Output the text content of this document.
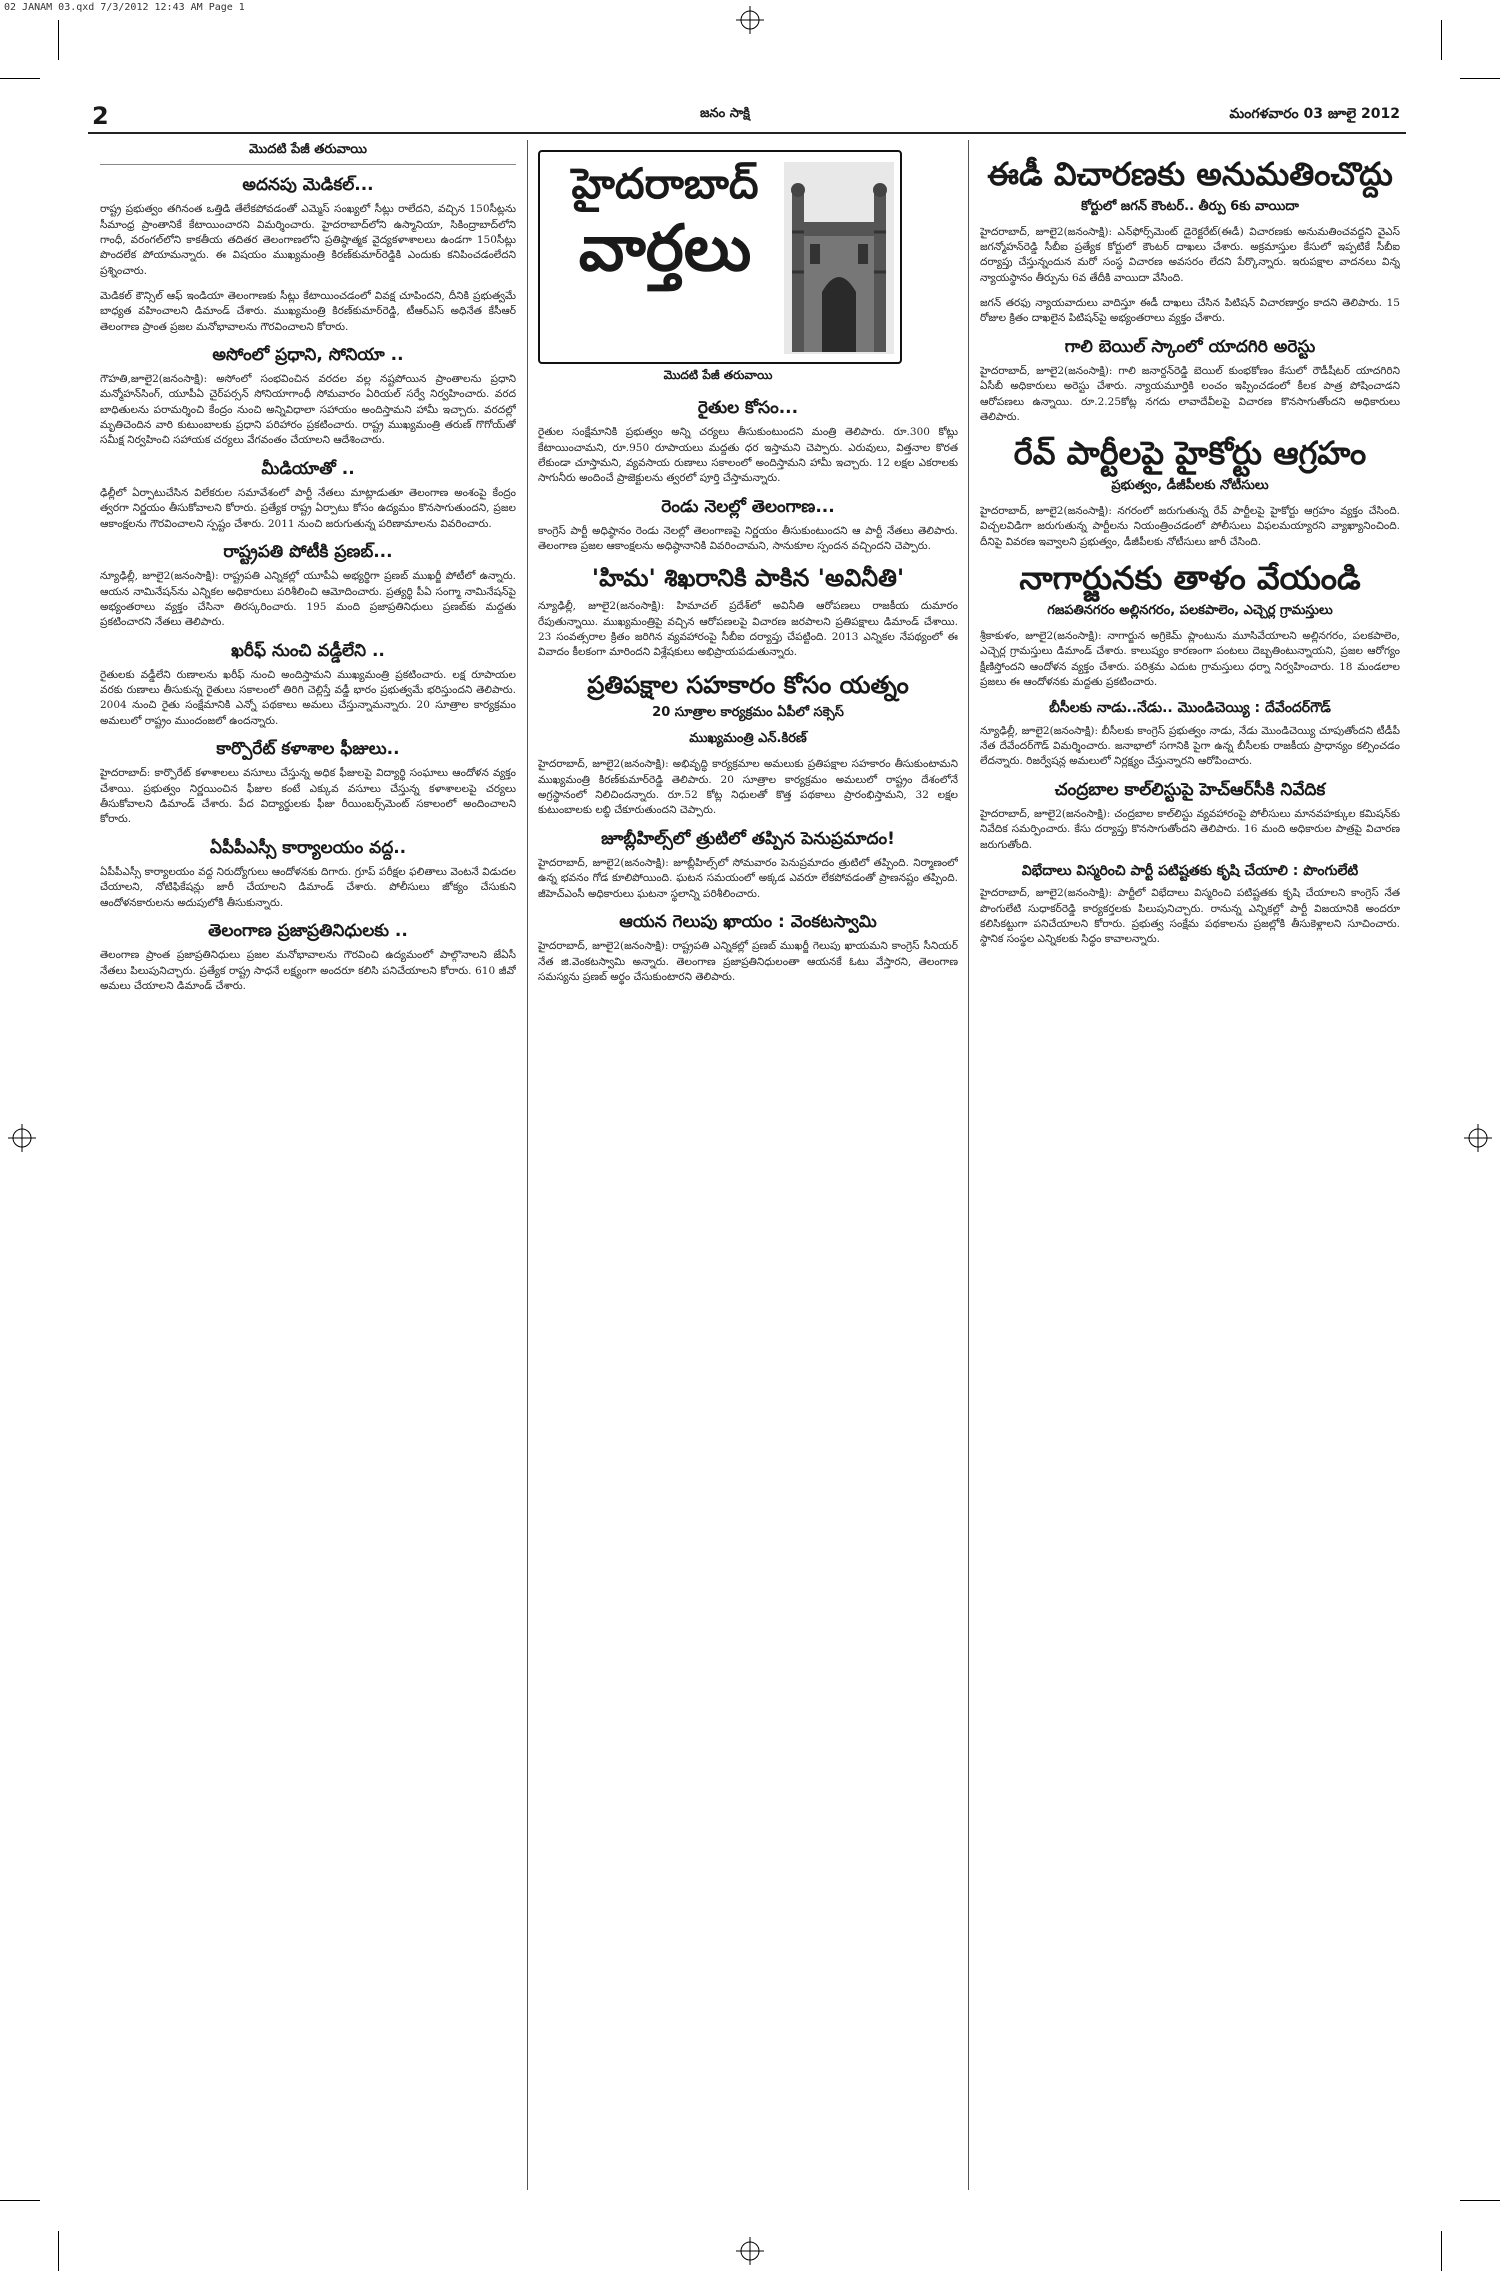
02 JANAM 03.qxd 7/3/2012 12:43 AM Page 1
2	జనం సాక్షి	మంగళవారం 03 జూలై 2012
మొదటి పేజీ తరువాయి
అదనపు మెడికల్...

రాష్ట్ర ప్రభుత్వం తగినంత ఒత్తిడి తేలేకపోవడంతో ఎమ్మెస్ సంఖ్యలో సీట్లు రాలేదని, వచ్చిన 150సీట్లను సీమాంధ్ర ప్రాంతానికే కేటాయించారని విమర్శించారు. హైదరాబాద్‌లోని ఉస్మానియా, సికింద్రాబాద్‌లోని గాంధీ, వరంగల్‌లోని కాకతీయ తదితర తెలంగాణలోని ప్రతిష్ఠాత్మక వైద్యకళాశాలలు ఉండగా 150సీట్లు పొందలేక పోయామన్నారు. ఈ విషయం ముఖ్యమంత్రి కిరణ్‌కుమార్‌రెడ్డికి ఎందుకు కనిపించడంలేదని ప్రశ్నించారు.

మెడికల్ కౌన్సిల్ ఆఫ్ ఇండియా తెలంగాణకు సీట్లు కేటాయించడంలో వివక్ష చూపిందని, దీనికి ప్రభుత్వమే బాధ్యత వహించాలని డిమాండ్ చేశారు. ముఖ్యమంత్రి కిరణ్‌కుమార్‌రెడ్డి, టీఆర్ఎస్ అధినేత కేసీఆర్ తెలంగాణ ప్రాంత ప్రజల మనోభావాలను గౌరవించాలని కోరారు.

అసోంలో ప్రధాని, సోనియా ..

గౌహతి,జూలై2(జనంసాక్షి): అసోంలో సంభవించిన వరదల వల్ల నష్టపోయిన ప్రాంతాలను ప్రధాని మన్మోహన్‌సింగ్, యూపీఏ చైర్‌పర్సన్ సోనియాగాంధీ సోమవారం ఏరియల్ సర్వే నిర్వహించారు. వరద బాధితులను పరామర్శించి కేంద్రం నుంచి అన్నివిధాలా సహాయం అందిస్తామని హామీ ఇచ్చారు. వరదల్లో మృతిచెందిన వారి కుటుంబాలకు ప్రధాని పరిహారం ప్రకటించారు. రాష్ట్ర ముఖ్యమంత్రి తరుణ్ గొగోయ్‌తో సమీక్ష నిర్వహించి సహాయక చర్యలు వేగవంతం చేయాలని ఆదేశించారు.

మీడియాతో ..

ఢిల్లీలో ఏర్పాటుచేసిన విలేకరుల సమావేశంలో పార్టీ నేతలు మాట్లాడుతూ తెలంగాణ అంశంపై కేంద్రం త్వరగా నిర్ణయం తీసుకోవాలని కోరారు. ప్రత్యేక రాష్ట్ర ఏర్పాటు కోసం ఉద్యమం కొనసాగుతుందని, ప్రజల ఆకాంక్షలను గౌరవించాలని స్పష్టం చేశారు. 2011 నుంచి జరుగుతున్న పరిణామాలను వివరించారు.

రాష్ట్రపతి పోటీకి ప్రణబ్...

న్యూఢిల్లీ, జూలై2(జనంసాక్షి): రాష్ట్రపతి ఎన్నికల్లో యూపీఏ అభ్యర్థిగా ప్రణబ్ ముఖర్జీ పోటీలో ఉన్నారు. ఆయన నామినేషన్‌ను ఎన్నికల అధికారులు పరిశీలించి ఆమోదించారు. ప్రత్యర్థి పీఏ సంగ్మా నామినేషన్‌పై అభ్యంతరాలు వ్యక్తం చేసినా తిరస్కరించారు. 195 మంది ప్రజాప్రతినిధులు ప్రణబ్‌కు మద్దతు ప్రకటించారని నేతలు తెలిపారు.

ఖరీఫ్ నుంచి వడ్డీలేని ..

రైతులకు వడ్డీలేని రుణాలను ఖరీఫ్ నుంచి అందిస్తామని ముఖ్యమంత్రి ప్రకటించారు. లక్ష రూపాయల వరకు రుణాలు తీసుకున్న రైతులు సకాలంలో తిరిగి చెల్లిస్తే వడ్డీ భారం ప్రభుత్వమే భరిస్తుందని తెలిపారు. 2004 నుంచి రైతు సంక్షేమానికి ఎన్నో పథకాలు అమలు చేస్తున్నామన్నారు. 20 సూత్రాల కార్యక్రమం అమలులో రాష్ట్రం ముందంజలో ఉందన్నారు.

కార్పొరేట్ కళాశాల ఫీజులు..

హైదరాబాద్: కార్పొరేట్ కళాశాలలు వసూలు చేస్తున్న అధిక ఫీజులపై విద్యార్థి సంఘాలు ఆందోళన వ్యక్తం చేశాయి. ప్రభుత్వం నిర్ణయించిన ఫీజుల కంటే ఎక్కువ వసూలు చేస్తున్న కళాశాలలపై చర్యలు తీసుకోవాలని డిమాండ్ చేశారు. పేద విద్యార్థులకు ఫీజు రీయింబర్స్‌మెంట్ సకాలంలో అందించాలని కోరారు.

ఏపీపీఎస్సీ కార్యాలయం వద్ద..

ఏపీపీఎస్సీ కార్యాలయం వద్ద నిరుద్యోగులు ఆందోళనకు దిగారు. గ్రూప్ పరీక్షల ఫలితాలు వెంటనే విడుదల చేయాలని, నోటిఫికేషన్లు జారీ చేయాలని డిమాండ్ చేశారు. పోలీసులు జోక్యం చేసుకుని ఆందోళనకారులను అదుపులోకి తీసుకున్నారు.

తెలంగాణ ప్రజాప్రతినిధులకు ..

తెలంగాణ ప్రాంత ప్రజాప్రతినిధులు ప్రజల మనోభావాలను గౌరవించి ఉద్యమంలో పాల్గొనాలని జేఏసీ నేతలు పిలుపునిచ్చారు. ప్రత్యేక రాష్ట్ర సాధనే లక్ష్యంగా అందరూ కలిసి పనిచేయాలని కోరారు. 610 జీవో అమలు చేయాలని డిమాండ్ చేశారు.

హైదరాబాద్
వార్తలు
మొదటి పేజీ తరువాయి
రైతుల కోసం...

రైతుల సంక్షేమానికి ప్రభుత్వం అన్ని చర్యలు తీసుకుంటుందని మంత్రి తెలిపారు. రూ.300 కోట్లు కేటాయించామని, రూ.950 రూపాయలు మద్దతు ధర ఇస్తామని చెప్పారు. ఎరువులు, విత్తనాల కొరత లేకుండా చూస్తామని, వ్యవసాయ రుణాలు సకాలంలో అందిస్తామని హామీ ఇచ్చారు. 12 లక్షల ఎకరాలకు సాగునీరు అందించే ప్రాజెక్టులను త్వరలో పూర్తి చేస్తామన్నారు.

రెండు నెలల్లో తెలంగాణ...

కాంగ్రెస్ పార్టీ అధిష్ఠానం రెండు నెలల్లో తెలంగాణపై నిర్ణయం తీసుకుంటుందని ఆ పార్టీ నేతలు తెలిపారు. తెలంగాణ ప్రజల ఆకాంక్షలను అధిష్ఠానానికి వివరించామని, సానుకూల స్పందన వచ్చిందని చెప్పారు.

'హిమ' శిఖరానికి పాకిన 'అవినీతి'

న్యూఢిల్లీ, జూలై2(జనంసాక్షి): హిమాచల్ ప్రదేశ్‌లో అవినీతి ఆరోపణలు రాజకీయ దుమారం రేపుతున్నాయి. ముఖ్యమంత్రిపై వచ్చిన ఆరోపణలపై విచారణ జరపాలని ప్రతిపక్షాలు డిమాండ్ చేశాయి. 23 సంవత్సరాల క్రితం జరిగిన వ్యవహారంపై సీబీఐ దర్యాప్తు చేపట్టింది. 2013 ఎన్నికల నేపథ్యంలో ఈ వివాదం కీలకంగా మారిందని విశ్లేషకులు అభిప్రాయపడుతున్నారు.

ప్రతిపక్షాల సహకారం కోసం యత్నం
20 సూత్రాల కార్యక్రమం ఏపీలో సక్సెస్
ముఖ్యమంత్రి ఎన్.కిరణ్

హైదరాబాద్, జూలై2(జనంసాక్షి): అభివృద్ధి కార్యక్రమాల అమలుకు ప్రతిపక్షాల సహకారం తీసుకుంటామని ముఖ్యమంత్రి కిరణ్‌కుమార్‌రెడ్డి తెలిపారు. 20 సూత్రాల కార్యక్రమం అమలులో రాష్ట్రం దేశంలోనే అగ్రస్థానంలో నిలిచిందన్నారు. రూ.52 కోట్ల నిధులతో కొత్త పథకాలు ప్రారంభిస్తామని, 32 లక్షల కుటుంబాలకు లబ్ధి చేకూరుతుందని చెప్పారు.

జూబ్లీహిల్స్‌లో త్రుటిలో తప్పిన పెనుప్రమాదం!

హైదరాబాద్, జూలై2(జనంసాక్షి): జూబ్లీహిల్స్‌లో సోమవారం పెనుప్రమాదం త్రుటిలో తప్పింది. నిర్మాణంలో ఉన్న భవనం గోడ కూలిపోయింది. ఘటన సమయంలో అక్కడ ఎవరూ లేకపోవడంతో ప్రాణనష్టం తప్పింది. జీహెచ్ఎంసీ అధికారులు ఘటనా స్థలాన్ని పరిశీలించారు.

ఆయన గెలుపు ఖాయం : వెంకటస్వామి

హైదరాబాద్, జూలై2(జనంసాక్షి): రాష్ట్రపతి ఎన్నికల్లో ప్రణబ్ ముఖర్జీ గెలుపు ఖాయమని కాంగ్రెస్ సీనియర్ నేత జి.వెంకటస్వామి అన్నారు. తెలంగాణ ప్రజాప్రతినిధులంతా ఆయనకే ఓటు వేస్తారని, తెలంగాణ సమస్యను ప్రణబ్ అర్థం చేసుకుంటారని తెలిపారు.

ఈడీ విచారణకు అనుమతించొద్దు
కోర్టులో జగన్ కౌంటర్.. తీర్పు 6కు వాయిదా

హైదరాబాద్, జూలై2(జనంసాక్షి): ఎన్‌ఫోర్స్‌మెంట్ డైరెక్టరేట్(ఈడీ) విచారణకు అనుమతించవద్దని వైఎస్ జగన్మోహన్‌రెడ్డి సీబీఐ ప్రత్యేక కోర్టులో కౌంటర్ దాఖలు చేశారు. అక్రమాస్తుల కేసులో ఇప్పటికే సీబీఐ దర్యాప్తు చేస్తున్నందున మరో సంస్థ విచారణ అవసరం లేదని పేర్కొన్నారు. ఇరుపక్షాల వాదనలు విన్న న్యాయస్థానం తీర్పును 6వ తేదీకి వాయిదా వేసింది.

జగన్ తరఫు న్యాయవాదులు వాదిస్తూ ఈడీ దాఖలు చేసిన పిటిషన్ విచారణార్హం కాదని తెలిపారు. 15 రోజుల క్రితం దాఖలైన పిటిషన్‌పై అభ్యంతరాలు వ్యక్తం చేశారు.

గాలి బెయిల్ స్కాంలో యాదగిరి అరెస్టు

హైదరాబాద్, జూలై2(జనంసాక్షి): గాలి జనార్దన్‌రెడ్డి బెయిల్ కుంభకోణం కేసులో రౌడీషీటర్ యాదగిరిని ఏసీబీ అధికారులు అరెస్టు చేశారు. న్యాయమూర్తికి లంచం ఇప్పించడంలో కీలక పాత్ర పోషించాడని ఆరోపణలు ఉన్నాయి. రూ.2.25కోట్ల నగదు లావాదేవీలపై విచారణ కొనసాగుతోందని అధికారులు తెలిపారు.

రేవ్ పార్టీలపై హైకోర్టు ఆగ్రహం
ప్రభుత్వం, డీజీపీలకు నోటీసులు

హైదరాబాద్, జూలై2(జనంసాక్షి): నగరంలో జరుగుతున్న రేవ్ పార్టీలపై హైకోర్టు ఆగ్రహం వ్యక్తం చేసింది. విచ్చలవిడిగా జరుగుతున్న పార్టీలను నియంత్రించడంలో పోలీసులు విఫలమయ్యారని వ్యాఖ్యానించింది. దీనిపై వివరణ ఇవ్వాలని ప్రభుత్వం, డీజీపీలకు నోటీసులు జారీ చేసింది.

నాగార్జునకు తాళం వేయండి
గజపతినగరం అల్లినగరం, పలకపాలెం, ఎచ్చెర్ల గ్రామస్తులు

శ్రీకాకుళం, జూలై2(జనంసాక్షి): నాగార్జున అగ్రికెమ్ ప్లాంటును మూసివేయాలని అల్లినగరం, పలకపాలెం, ఎచ్చెర్ల గ్రామస్తులు డిమాండ్ చేశారు. కాలుష్యం కారణంగా పంటలు దెబ్బతింటున్నాయని, ప్రజల ఆరోగ్యం క్షీణిస్తోందని ఆందోళన వ్యక్తం చేశారు. పరిశ్రమ ఎదుట గ్రామస్తులు ధర్నా నిర్వహించారు. 18 మండలాల ప్రజలు ఈ ఆందోళనకు మద్దతు ప్రకటించారు.

బీసీలకు నాడు..నేడు.. మొండిచెయ్యి : దేవేందర్‌గౌడ్

న్యూఢిల్లీ, జూలై2(జనంసాక్షి): బీసీలకు కాంగ్రెస్ ప్రభుత్వం నాడు, నేడు మొండిచెయ్యి చూపుతోందని టీడీపీ నేత దేవేందర్‌గౌడ్ విమర్శించారు. జనాభాలో సగానికి పైగా ఉన్న బీసీలకు రాజకీయ ప్రాధాన్యం కల్పించడం లేదన్నారు. రిజర్వేషన్ల అమలులో నిర్లక్ష్యం చేస్తున్నారని ఆరోపించారు.

చంద్రబాల కాల్‌లిస్టుపై హెచ్‌ఆర్‌సీకి నివేదిక

హైదరాబాద్, జూలై2(జనంసాక్షి): చంద్రబాల కాల్‌లిస్టు వ్యవహారంపై పోలీసులు మానవహక్కుల కమిషన్‌కు నివేదిక సమర్పించారు. కేసు దర్యాప్తు కొనసాగుతోందని తెలిపారు. 16 మంది అధికారుల పాత్రపై విచారణ జరుగుతోంది.

విభేదాలు విస్మరించి పార్టీ పటిష్టతకు కృషి చేయాలి : పొంగులేటి

హైదరాబాద్, జూలై2(జనంసాక్షి): పార్టీలో విభేదాలు విస్మరించి పటిష్టతకు కృషి చేయాలని కాంగ్రెస్ నేత పొంగులేటి సుధాకర్‌రెడ్డి కార్యకర్తలకు పిలుపునిచ్చారు. రానున్న ఎన్నికల్లో పార్టీ విజయానికి అందరూ కలిసికట్టుగా పనిచేయాలని కోరారు. ప్రభుత్వ సంక్షేమ పథకాలను ప్రజల్లోకి తీసుకెళ్లాలని సూచించారు. స్థానిక సంస్థల ఎన్నికలకు సిద్ధం కావాలన్నారు.
